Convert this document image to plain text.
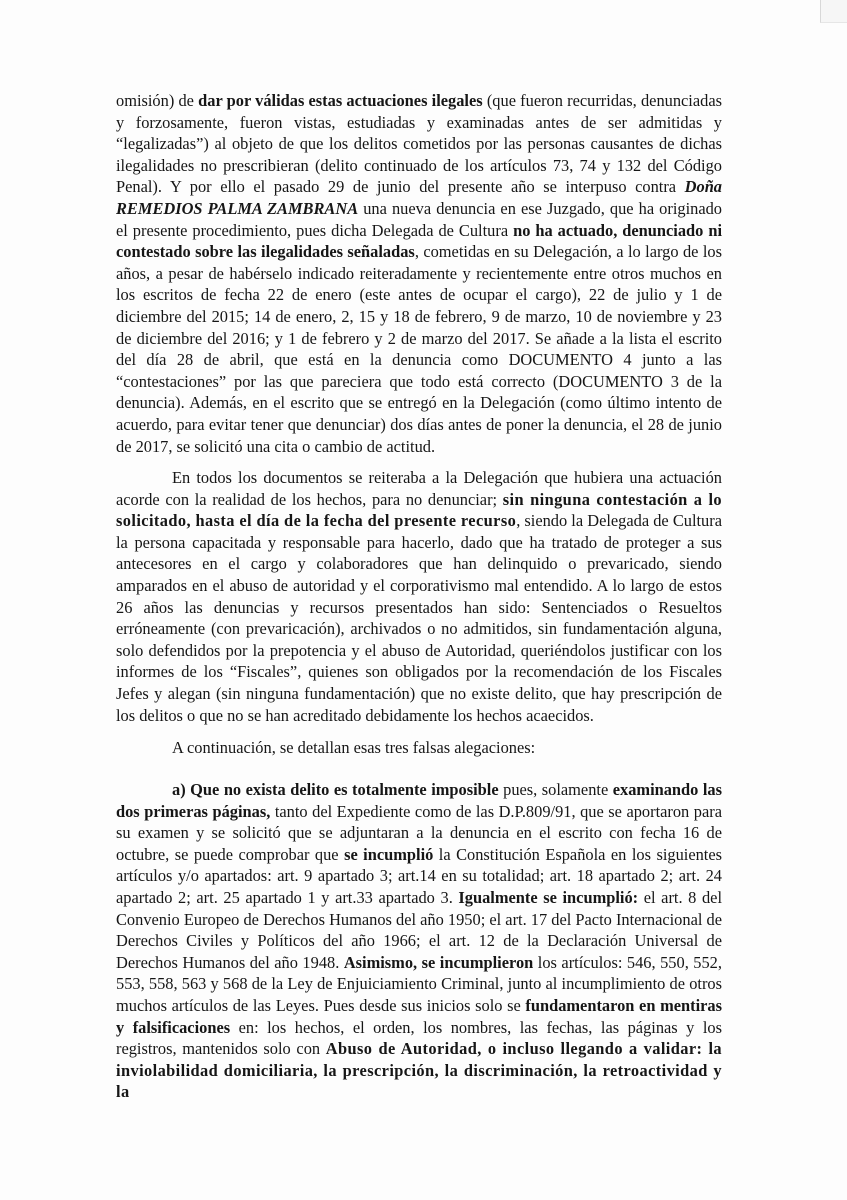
omisión) de dar por válidas estas actuaciones ilegales (que fueron recurridas, denunciadas y forzosamente, fueron vistas, estudiadas y examinadas antes de ser admitidas y “legalizadas”) al objeto de que los delitos cometidos por las personas causantes de dichas ilegalidades no prescribieran (delito continuado de los artículos 73, 74 y 132 del Código Penal). Y por ello el pasado 29 de junio del presente año se interpuso contra Doña REMEDIOS PALMA ZAMBRANA una nueva denuncia en ese Juzgado, que ha originado el presente procedimiento, pues dicha Delegada de Cultura no ha actuado, denunciado ni contestado sobre las ilegalidades señaladas, cometidas en su Delegación, a lo largo de los años, a pesar de habérselo indicado reiteradamente y recientemente entre otros muchos en los escritos de fecha 22 de enero (este antes de ocupar el cargo), 22 de julio y 1 de diciembre del 2015; 14 de enero, 2, 15 y 18 de febrero, 9 de marzo, 10 de noviembre y 23 de diciembre del 2016; y 1 de febrero y 2 de marzo del 2017. Se añade a la lista el escrito del día 28 de abril, que está en la denuncia como DOCUMENTO 4 junto a las “contestaciones” por las que pareciera que todo está correcto (DOCUMENTO 3 de la denuncia). Además, en el escrito que se entregó en la Delegación (como último intento de acuerdo, para evitar tener que denunciar) dos días antes de poner la denuncia, el 28 de junio de 2017, se solicitó una cita o cambio de actitud.

En todos los documentos se reiteraba a la Delegación que hubiera una actuación acorde con la realidad de los hechos, para no denunciar; sin ninguna contestación a lo solicitado, hasta el día de la fecha del presente recurso, siendo la Delegada de Cultura la persona capacitada y responsable para hacerlo, dado que ha tratado de proteger a sus antecesores en el cargo y colaboradores que han delinquido o prevaricado, siendo amparados en el abuso de autoridad y el corporativismo mal entendido. A lo largo de estos 26 años las denuncias y recursos presentados han sido: Sentenciados o Resueltos erróneamente (con prevaricación), archivados o no admitidos, sin fundamentación alguna, solo defendidos por la prepotencia y el abuso de Autoridad, queriéndolos justificar con los informes de los “Fiscales”, quienes son obligados por la recomendación de los Fiscales Jefes y alegan (sin ninguna fundamentación) que no existe delito, que hay prescripción de los delitos o que no se han acreditado debidamente los hechos acaecidos.

A continuación, se detallan esas tres falsas alegaciones:

a) Que no exista delito es totalmente imposible pues, solamente examinando las dos primeras páginas, tanto del Expediente como de las D.P.809/91, que se aportaron para su examen y se solicitó que se adjuntaran a la denuncia en el escrito con fecha 16 de octubre, se puede comprobar que se incumplió la Constitución Española en los siguientes artículos y/o apartados: art. 9 apartado 3; art.14 en su totalidad; art. 18 apartado 2; art. 24 apartado 2; art. 25 apartado 1 y art.33 apartado 3. Igualmente se incumplió: el art. 8 del Convenio Europeo de Derechos Humanos del año 1950; el art. 17 del Pacto Internacional de Derechos Civiles y Políticos del año 1966; el art. 12 de la Declaración Universal de Derechos Humanos del año 1948. Asimismo, se incumplieron los artículos: 546, 550, 552, 553, 558, 563 y 568 de la Ley de Enjuiciamiento Criminal, junto al incumplimiento de otros muchos artículos de las Leyes. Pues desde sus inicios solo se fundamentaron en mentiras y falsificaciones en: los hechos, el orden, los nombres, las fechas, las páginas y los registros, mantenidos solo con Abuso de Autoridad, o incluso llegando a validar: la inviolabilidad domiciliaria, la prescripción, la discriminación, la retroactividad y la
